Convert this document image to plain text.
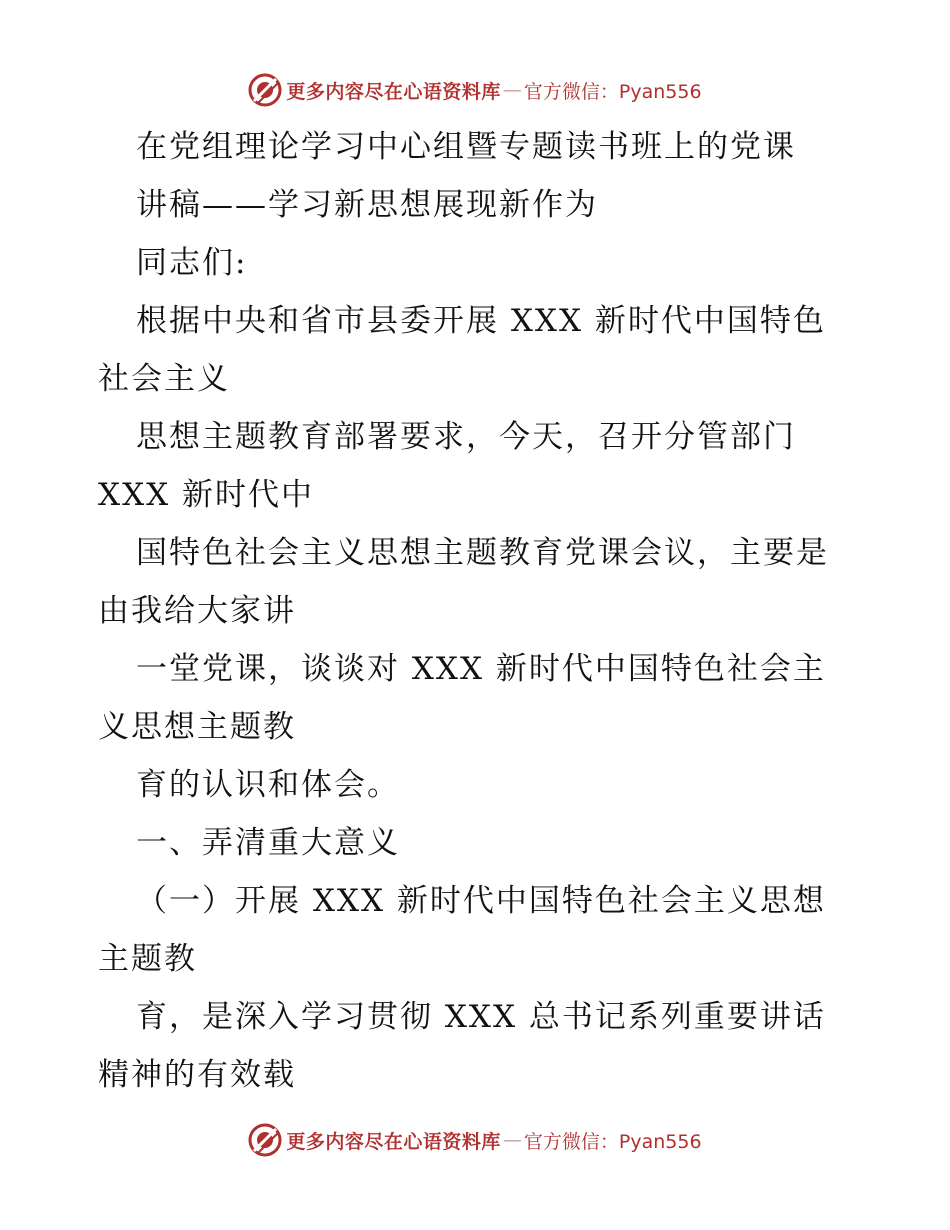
更多内容尽在心语资料库 — 官方微信：Pyan556
在党组理论学习中心组暨专题读书班上的党课
讲稿——学习新思想展现新作为
同志们:
根据中央和省市县委开展 XXX 新时代中国特色
社会主义
思想主题教育部署要求，今天，召开分管部门
XXX 新时代中
国特色社会主义思想主题教育党课会议，主要是
由我给大家讲
一堂党课，谈谈对 XXX 新时代中国特色社会主
义思想主题教
育的认识和体会。
一、弄清重大意义
（一）开展 XXX 新时代中国特色社会主义思想
主题教
育，是深入学习贯彻 XXX 总书记系列重要讲话
精神的有效载
更多内容尽在心语资料库 — 官方微信：Pyan556
